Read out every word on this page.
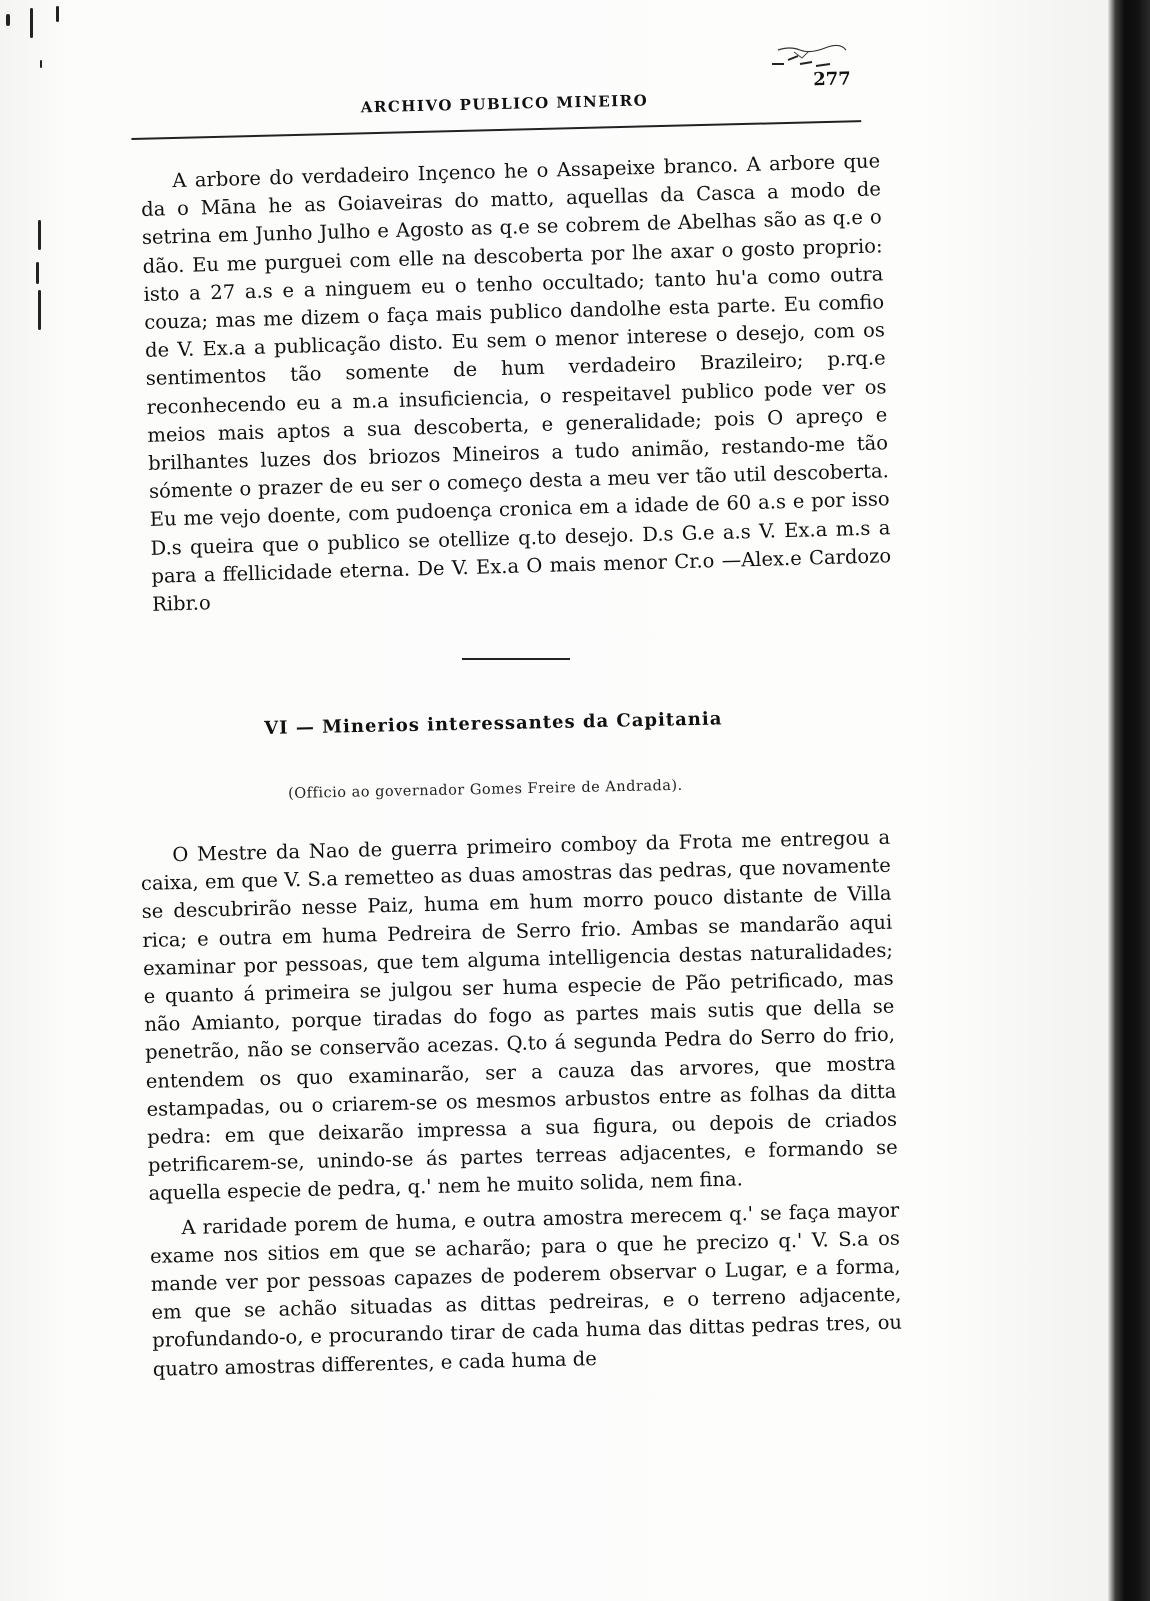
ARCHIVO PUBLICO MINEIRO
277

A arbore do verdadeiro Inçenco he o Assapeixe branco. A arbore que da o Māna he as Goiaveiras do matto, aquellas da Casca a modo de setrina em Junho Julho e Agosto as q.e se cobrem de Abelhas são as q.e o dão. Eu me purguei com elle na descoberta por lhe axar o gosto proprio: isto a 27 a.s e a ninguem eu o tenho occultado; tanto hu'a como outra couza; mas me dizem o faça mais publico dandolhe esta parte. Eu comfio de V. Ex.a a publicação disto. Eu sem o menor interese o desejo, com os sentimentos tão somente de hum verdadeiro Brazileiro; p.rq.e reconhecendo eu a m.a insuficiencia, o respeitavel publico pode ver os meios mais aptos a sua descoberta, e generalidade; pois O apreço e brilhantes luzes dos briozos Mineiros a tudo animão, restando-me tão sómente o prazer de eu ser o começo desta a meu ver tão util descoberta. Eu me vejo doente, com pudoença cronica em a idade de 60 a.s e por isso D.s queira que o publico se otellize q.to desejo. D.s G.e a.s V. Ex.a m.s a para a ffellicidade eterna. De V. Ex.a O mais menor Cr.o —Alex.e Cardozo Ribr.o

VI — Minerios interessantes da Capitania
(Officio ao governador Gomes Freire de Andrada).

O Mestre da Nao de guerra primeiro comboy da Frota me entregou a caixa, em que V. S.a remetteo as duas amostras das pedras, que novamente se descubrirão nesse Paiz, huma em hum morro pouco distante de Villa rica; e outra em huma Pedreira de Serro frio. Ambas se mandarão aqui examinar por pessoas, que tem alguma intelligencia destas naturalidades; e quanto á primeira se julgou ser huma especie de Pão petrificado, mas não Amianto, porque tiradas do fogo as partes mais sutis que della se penetrão, não se conservão acezas. Q.to á segunda Pedra do Serro do frio, entendem os quo examinarão, ser a cauza das arvores, que mostra estampadas, ou o criarem-se os mesmos arbustos entre as folhas da ditta pedra: em que deixarão impressa a sua figura, ou depois de criados petrificarem-se, unindo-se ás partes terreas adjacentes, e formando se aquella especie de pedra, q.' nem he muito solida, nem fina.

A raridade porem de huma, e outra amostra merecem q.' se faça mayor exame nos sitios em que se acharão; para o que he precizo q.' V. S.a os mande ver por pessoas capazes de poderem observar o Lugar, e a forma, em que se achão situadas as dittas pedreiras, e o terreno adjacente, profundando-o, e procurando tirar de cada huma das dittas pedras tres, ou quatro amostras differentes, e cada huma de
